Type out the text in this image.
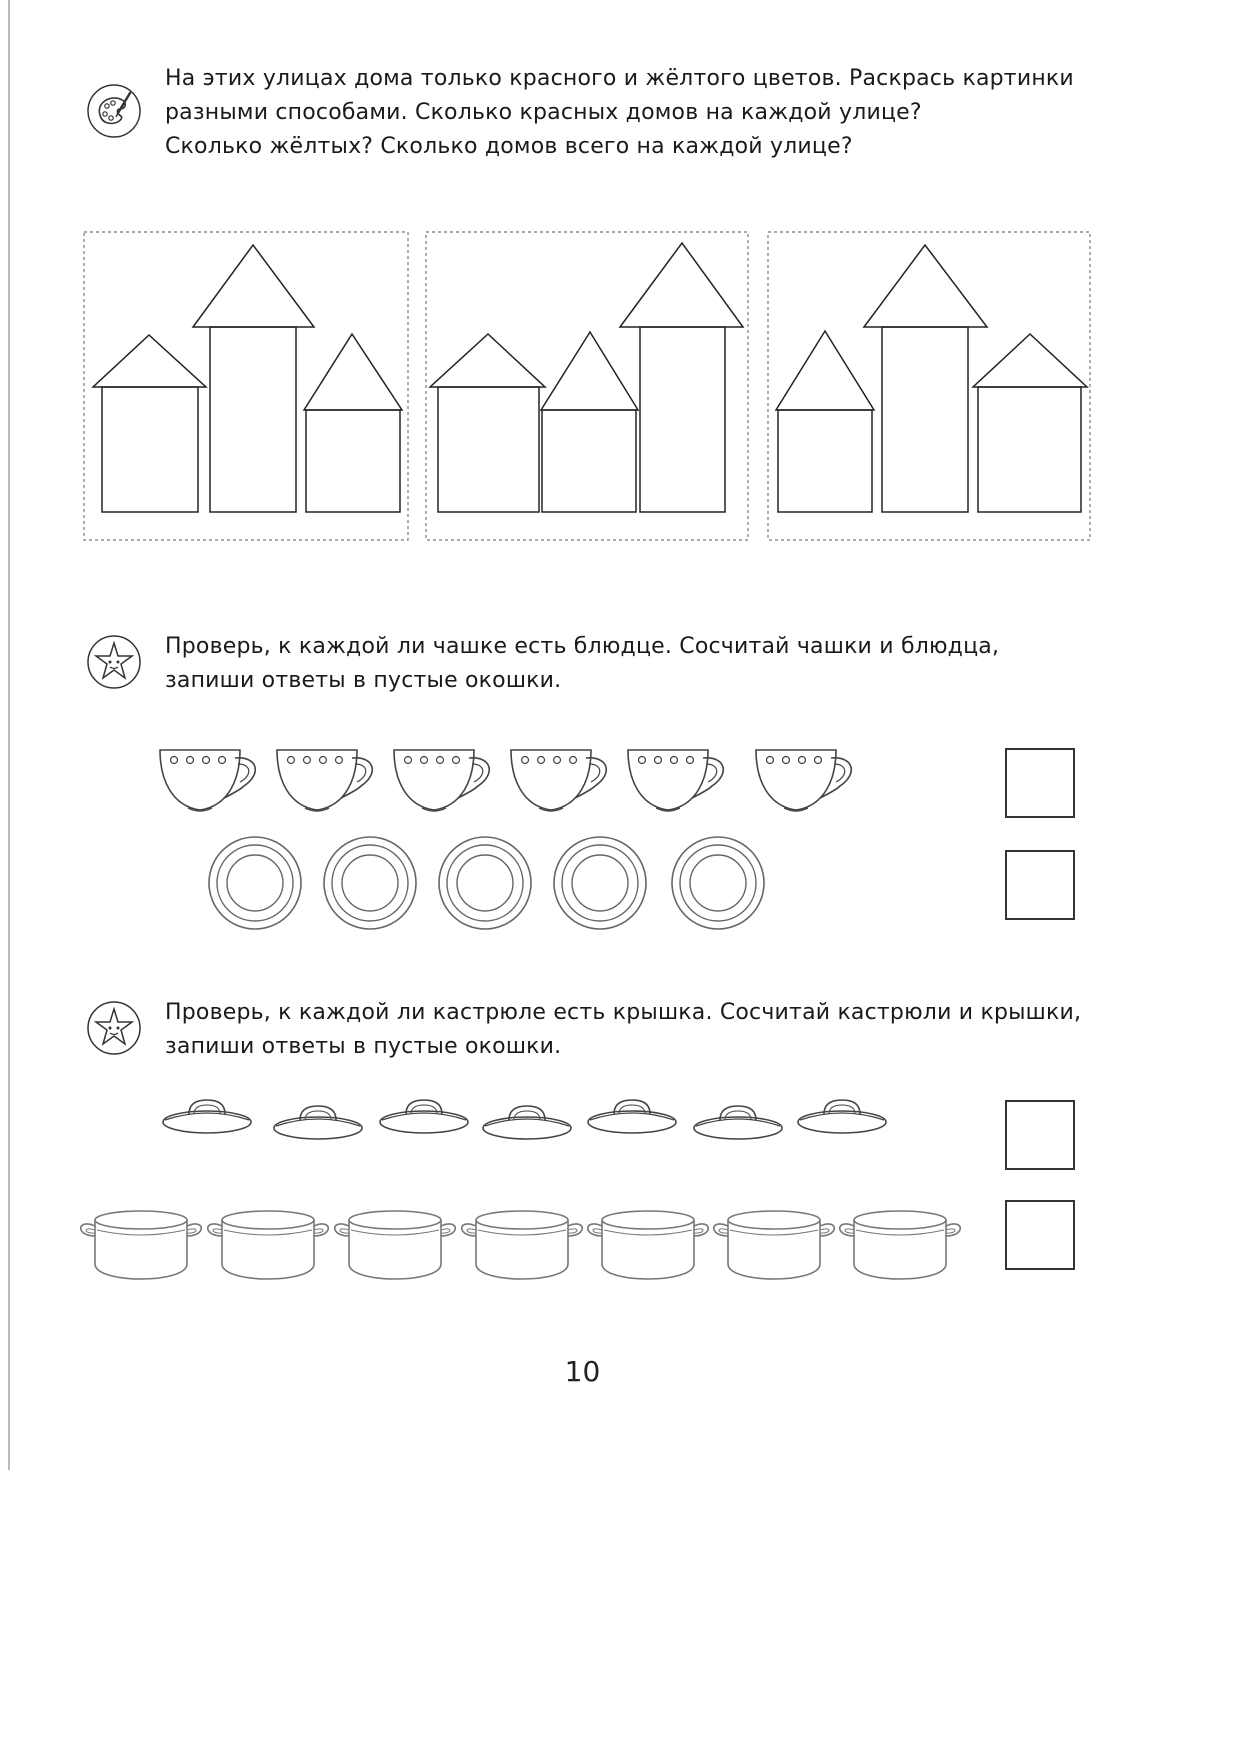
На этих улицах дома только красного и жёлтого цветов. Раскрась картинки
разными способами. Сколько красных домов на каждой улице?
Сколько жёлтых? Сколько домов всего на каждой улице?

Проверь, к каждой ли чашке есть блюдце. Сосчитай чашки и блюдца,
запиши ответы в пустые окошки.

Проверь, к каждой ли кастрюле есть крышка. Сосчитай кастрюли и крышки,
запиши ответы в пустые окошки.

10
